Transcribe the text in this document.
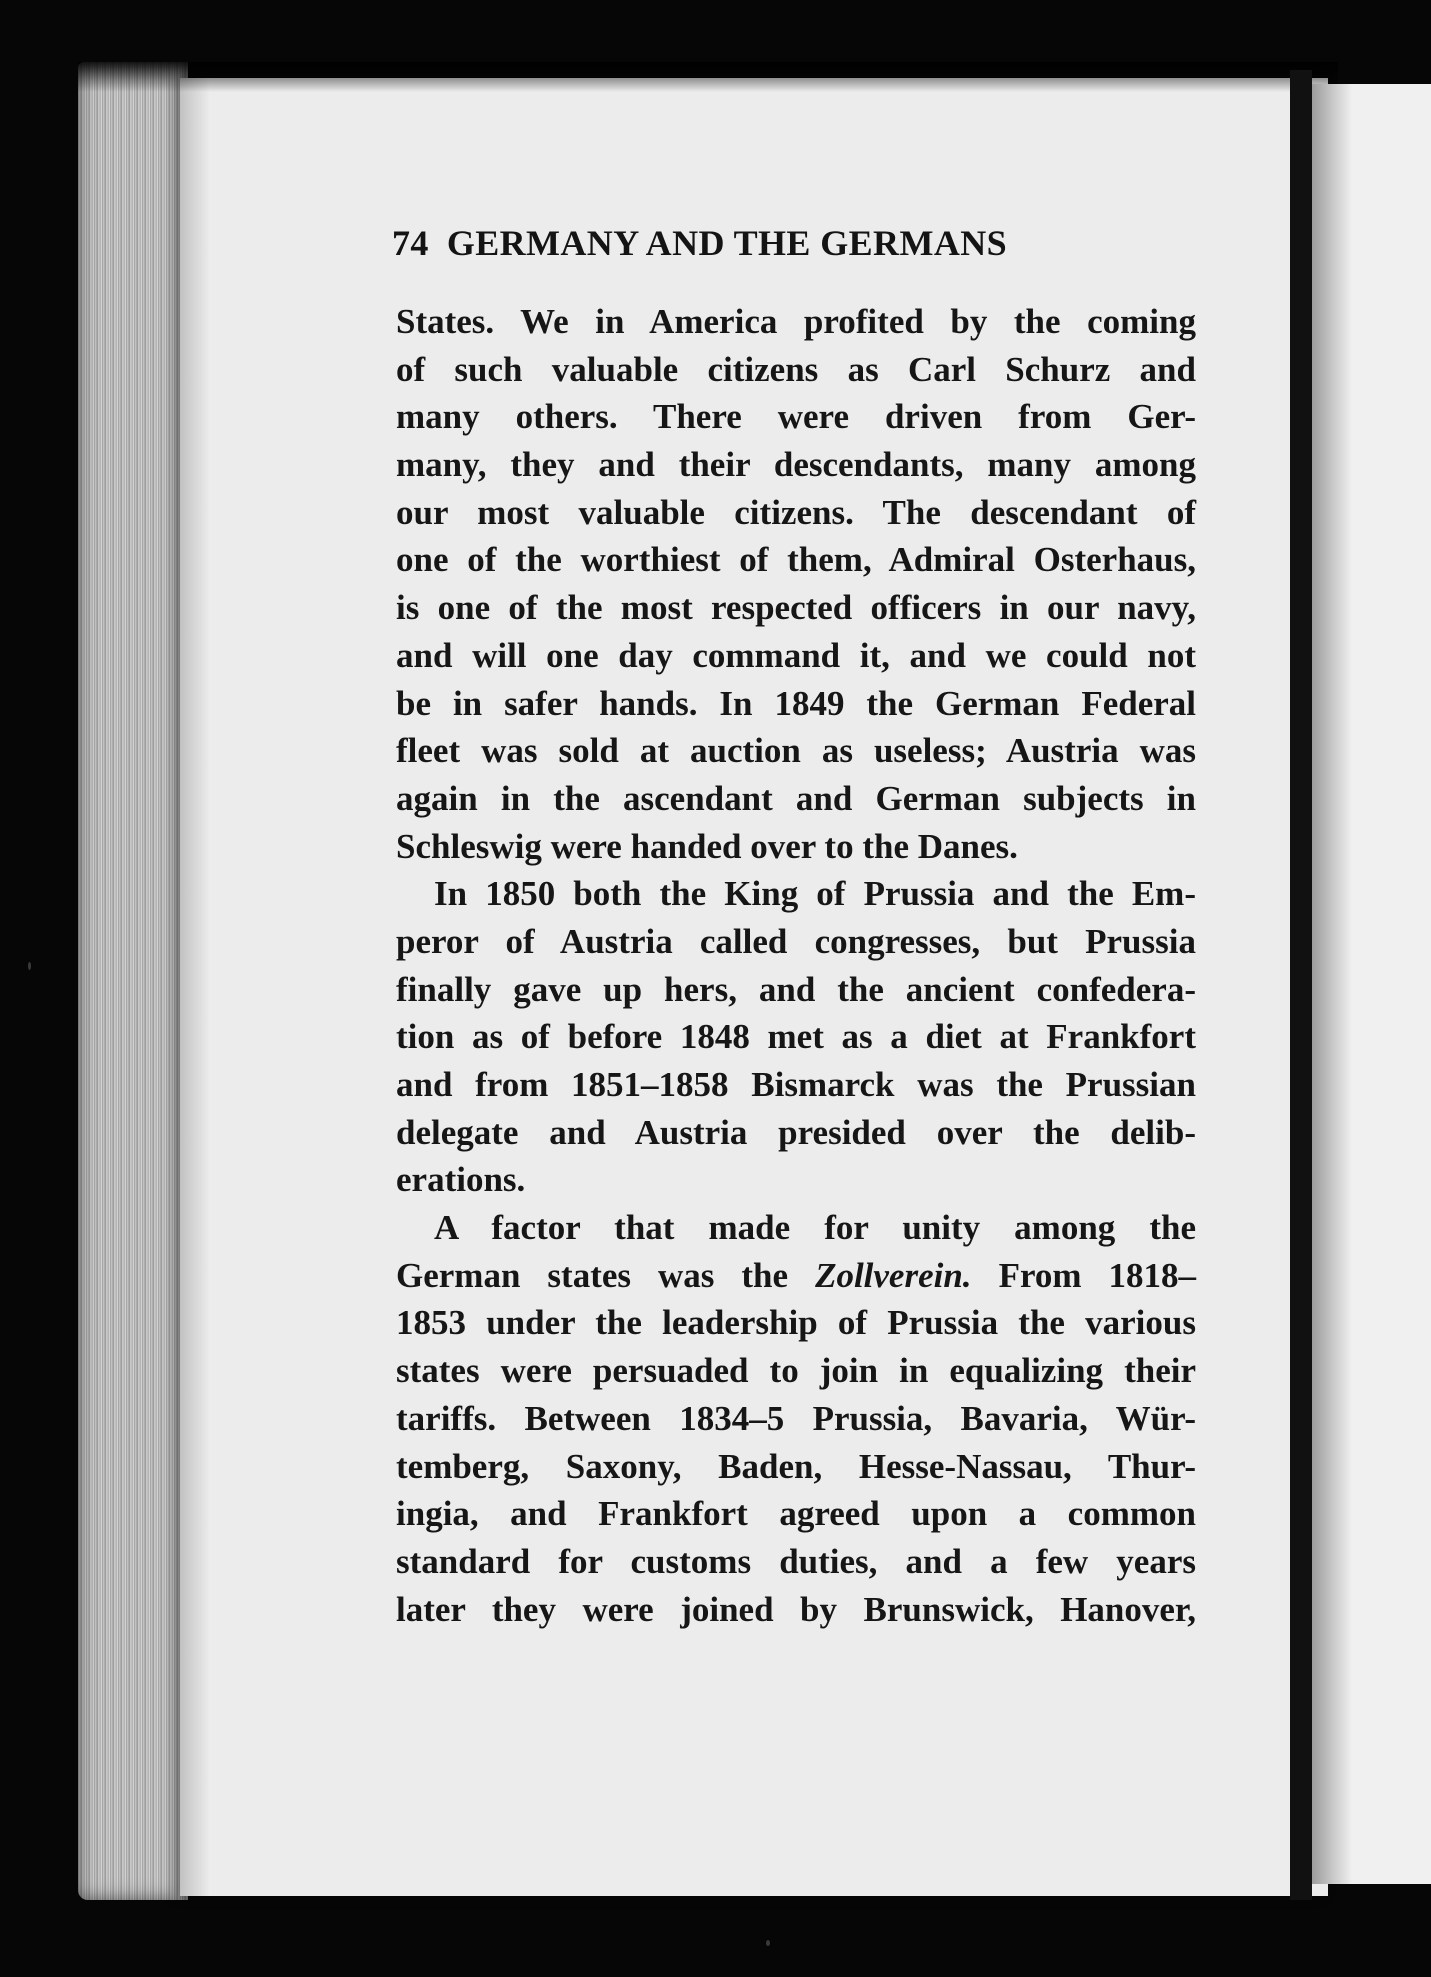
74 GERMANY AND THE GERMANS
States. We in America profited by the coming
of such valuable citizens as Carl Schurz and
many others. There were driven from Ger-
many, they and their descendants, many among
our most valuable citizens. The descendant of
one of the worthiest of them, Admiral Osterhaus,
is one of the most respected officers in our navy,
and will one day command it, and we could not
be in safer hands. In 1849 the German Federal
fleet was sold at auction as useless; Austria was
again in the ascendant and German subjects in
Schleswig were handed over to the Danes.
In 1850 both the King of Prussia and the Em-
peror of Austria called congresses, but Prussia
finally gave up hers, and the ancient confedera-
tion as of before 1848 met as a diet at Frankfort
and from 1851–1858 Bismarck was the Prussian
delegate and Austria presided over the delib-
erations.
A factor that made for unity among the
German states was the Zollverein. From 1818–
1853 under the leadership of Prussia the various
states were persuaded to join in equalizing their
tariffs. Between 1834–5 Prussia, Bavaria, Wür-
temberg, Saxony, Baden, Hesse-Nassau, Thur-
ingia, and Frankfort agreed upon a common
standard for customs duties, and a few years
later they were joined by Brunswick, Hanover,
